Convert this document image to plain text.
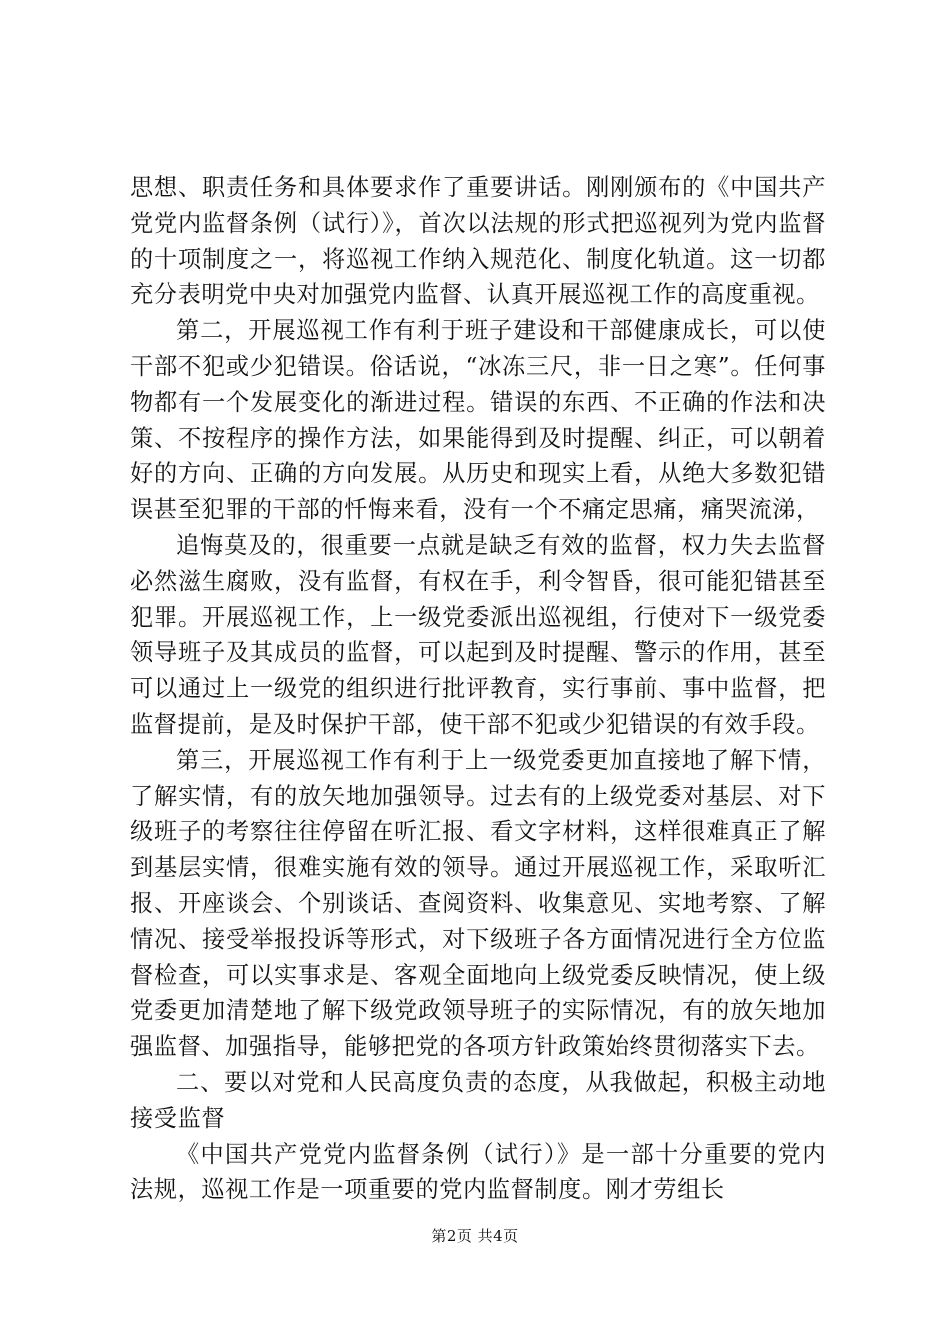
思想、职责任务和具体要求作了重要讲话。刚刚颁布的《中国共产党党内监督条例（试行）》，首次以法规的形式把巡视列为党内监督的十项制度之一，将巡视工作纳入规范化、制度化轨道。这一切都充分表明党中央对加强党内监督、认真开展巡视工作的高度重视。

第二，开展巡视工作有利于班子建设和干部健康成长，可以使干部不犯或少犯错误。俗话说，“冰冻三尺，非一日之寒”。任何事物都有一个发展变化的渐进过程。错误的东西、不正确的作法和决策、不按程序的操作方法，如果能得到及时提醒、纠正，可以朝着好的方向、正确的方向发展。从历史和现实上看，从绝大多数犯错误甚至犯罪的干部的忏悔来看，没有一个不痛定思痛，痛哭流涕，

追悔莫及的，很重要一点就是缺乏有效的监督，权力失去监督必然滋生腐败，没有监督，有权在手，利令智昏，很可能犯错甚至犯罪。开展巡视工作，上一级党委派出巡视组，行使对下一级党委领导班子及其成员的监督，可以起到及时提醒、警示的作用，甚至可以通过上一级党的组织进行批评教育，实行事前、事中监督，把监督提前，是及时保护干部，使干部不犯或少犯错误的有效手段。

第三，开展巡视工作有利于上一级党委更加直接地了解下情，了解实情，有的放矢地加强领导。过去有的上级党委对基层、对下级班子的考察往往停留在听汇报、看文字材料，这样很难真正了解到基层实情，很难实施有效的领导。通过开展巡视工作，采取听汇报、开座谈会、个别谈话、查阅资料、收集意见、实地考察、了解情况、接受举报投诉等形式，对下级班子各方面情况进行全方位监督检查，可以实事求是、客观全面地向上级党委反映情况，使上级党委更加清楚地了解下级党政领导班子的实际情况，有的放矢地加强监督、加强指导，能够把党的各项方针政策始终贯彻落实下去。

二、要以对党和人民高度负责的态度，从我做起，积极主动地接受监督

《中国共产党党内监督条例（试行）》是一部十分重要的党内法规，巡视工作是一项重要的党内监督制度。刚才劳组长

第2页 共4页
